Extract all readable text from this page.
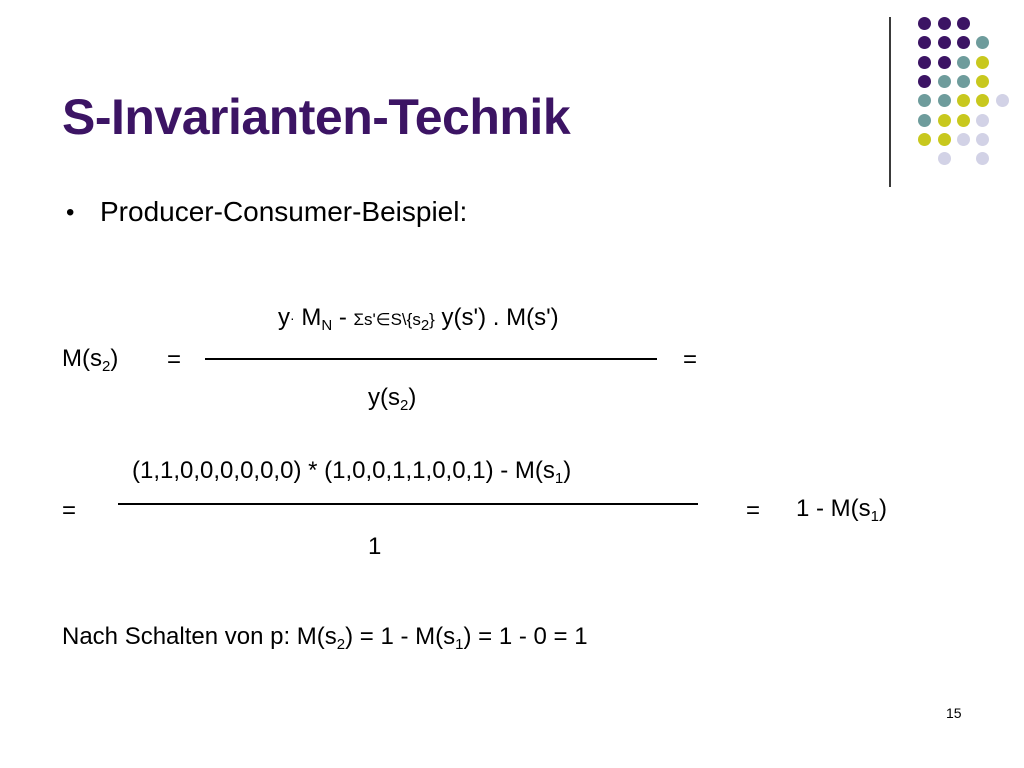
S-Invarianten-Technik
• Producer-Consumer-Beispiel:
$y\cdot M_N$ - $\Sigma s'\in S\backslash\{s_2\}$ y(s') . M(s')
$M(s_2)$ =	=
$y(s_2)$
$(1,1,0,0,0,0,0,0) * (1,0,0,1,1,0,0,1) - M(s_1)$
=	= $1 - M(s_1)$
1
Nach Schalten von p: $M(s_2) = 1 - M(s_1) = 1 - 0 = 1$
15
